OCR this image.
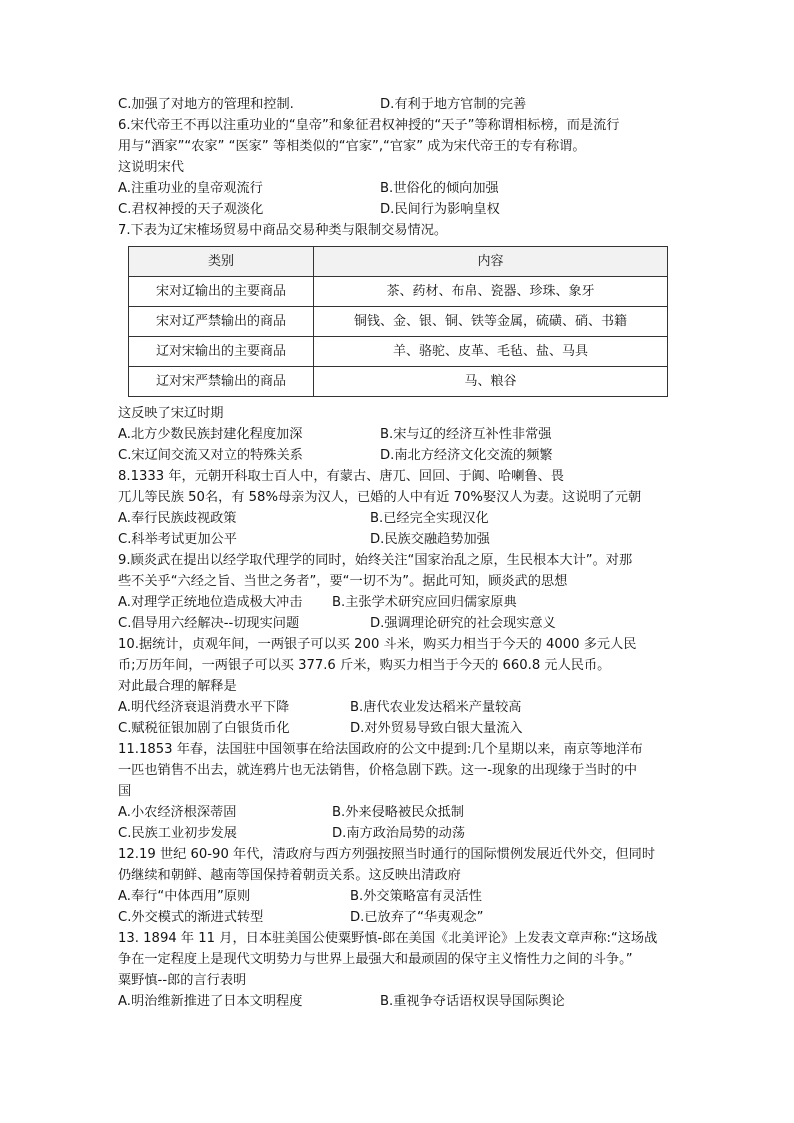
C.加强了对地方的管理和控制.	D.有利于地方官制的完善
6.宋代帝王不再以注重功业的“皇帝”和象征君权神授的“天子”等称谓相标榜，而是流行
用与“酒家”“农家” “医家” 等相类似的“官家”,“官家” 成为宋代帝王的专有称谓。
这说明宋代
A.注重功业的皇帝观流行	B.世俗化的倾向加强
C.君权神授的天子观淡化	D.民间行为影响皇权
7.下表为辽宋榷场贸易中商品交易种类与限制交易情况。
类别	内容
宋对辽输出的主要商品	茶、药材、布帛、瓷器、珍珠、象牙
宋对辽严禁输出的商品	铜钱、金、银、铜、铁等金属，硫磺、硝、书籍
辽对宋输出的主要商品	羊、骆驼、皮革、毛毡、盐、马具
辽对宋严禁输出的商品	马、粮谷
这反映了宋辽时期
A.北方少数民族封建化程度加深	B.宋与辽的经济互补性非常强
C.宋辽间交流又对立的特殊关系	D.南北方经济文化交流的频繁
8.1333 年，元朝开科取士百人中，有蒙古、唐兀、回回、于阗、哈喇鲁、畏
兀儿等民族 50名，有 58%母亲为汉人，已婚的人中有近 70%娶汉人为妻。这说明了元朝
A.奉行民族歧视政策	B.已经完全实现汉化
C.科举考试更加公平	D.民族交融趋势加强
9.顾炎武在提出以经学取代理学的同时，始终关注“国家治乱之原，生民根本大计”。对那
些不关乎“六经之旨、当世之务者”，要“一切不为”。据此可知，顾炎武的思想
A.对理学正统地位造成极大冲击	B.主张学术研究应回归儒家原典
C.倡导用六经解决--切现实问题	D.强调理论研究的社会现实意义
10.据统计，贞观年间，一两银子可以买 200 斗米，购买力相当于今天的 4000 多元人民
币;万历年间，一两银子可以买 377.6 斤米，购买力相当于今天的 660.8 元人民币。
对此最合理的解释是
A.明代经济衰退消费水平下降	B.唐代农业发达稻米产量较高
C.赋税征银加剧了白银货币化	D.对外贸易导致白银大量流入
11.1853 年春，法国驻中国领事在给法国政府的公文中提到:几个星期以来，南京等地洋布
一匹也销售不出去，就连鸦片也无法销售，价格急剧下跌。这一-现象的出现缘于当时的中
国
A.小农经济根深蒂固	B.外来侵略被民众抵制
C.民族工业初步发展	D.南方政治局势的动荡
12.19 世纪 60-90 年代，清政府与西方列强按照当时通行的国际惯例发展近代外交，但同时
仍继续和朝鲜、越南等国保持着朝贡关系。这反映出清政府
A.奉行“中体西用”原则	B.外交策略富有灵活性
C.外交模式的渐进式转型	D.已放弃了“华夷观念”
13. 1894 年 11 月，日本驻美国公使粟野慎-郎在美国《北美评论》上发表文章声称:“这场战
争在一定程度上是现代文明势力与世界上最强大和最顽固的保守主义惰性力之间的斗争。”
粟野慎--郎的言行表明
A.明治维新推进了日本文明程度	B.重视争夺话语权误导国际舆论
